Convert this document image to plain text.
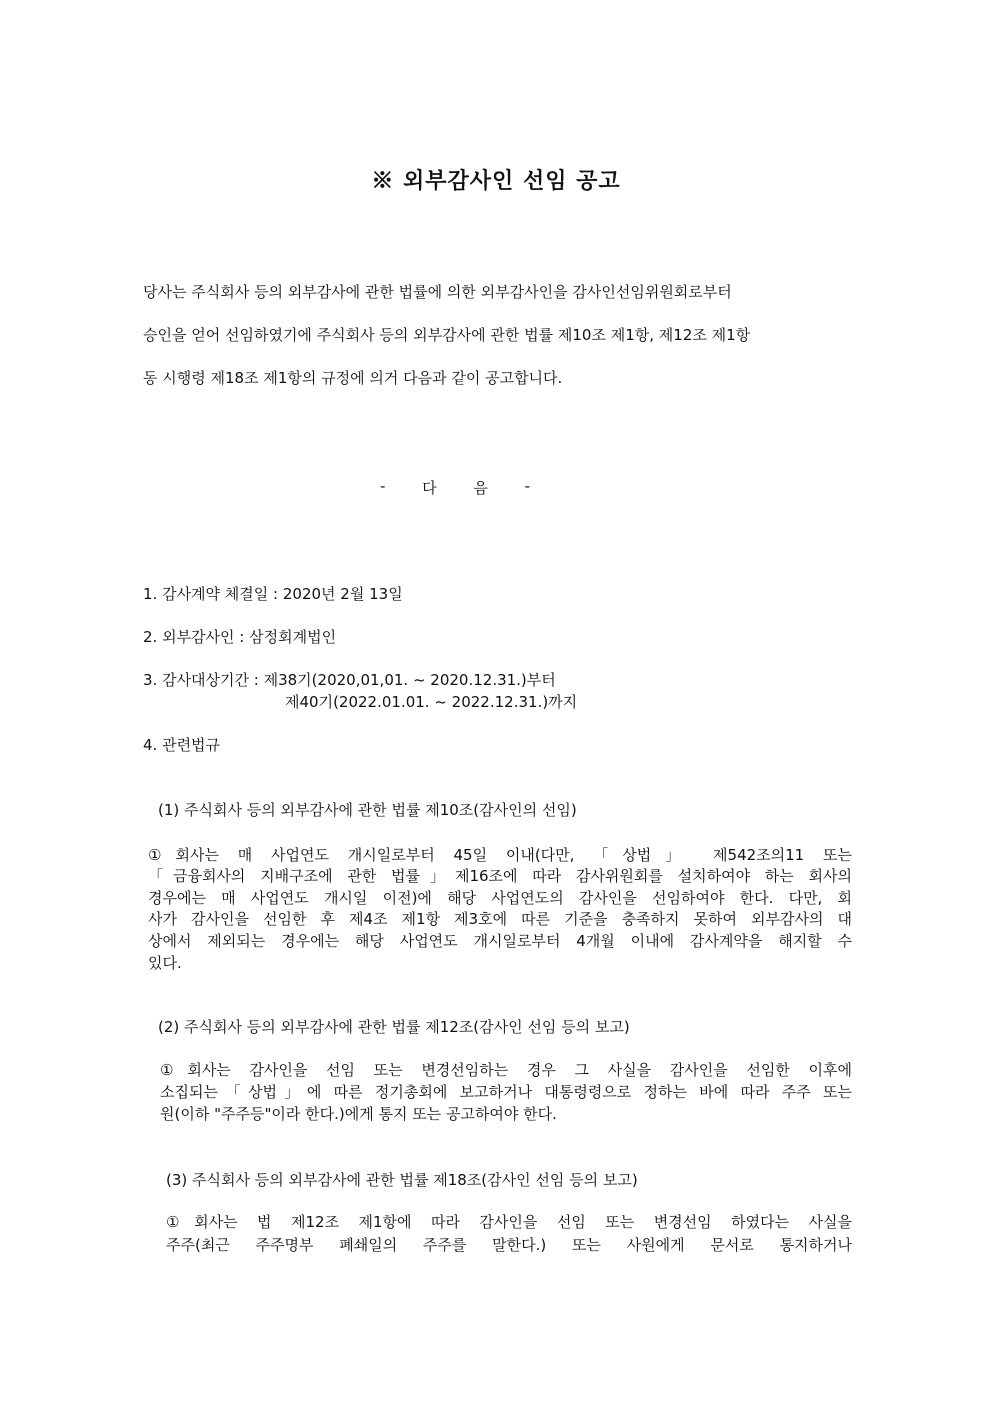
※ 외부감사인 선임 공고
당사는 주식회사 등의 외부감사에 관한 법률에 의한 외부감사인을 감사인선임위원회로부터
승인을 얻어 선임하였기에 주식회사 등의 외부감사에 관한 법률 제10조 제1항, 제12조 제1항
동 시행령 제18조 제1항의 규정에 의거 다음과 같이 공고합니다.
- 다 음 -
1. 감사계약 체결일 : 2020년 2월 13일
2. 외부감사인 : 삼정회계법인
3. 감사대상기간 : 제38기(2020,01,01. ~ 2020.12.31.)부터
제40기(2022.01.01. ~ 2022.12.31.)까지
4. 관련법규
(1) 주식회사 등의 외부감사에 관한 법률 제10조(감사인의 선임)
①회사는 매 사업연도 개시일로부터 45일 이내(다만, 「상법」 제542조의11 또는
「금융회사의 지배구조에 관한 법률」제16조에 따라 감사위원회를 설치하여야 하는 회사의
경우에는 매 사업연도 개시일 이전)에 해당 사업연도의 감사인을 선임하여야 한다. 다만, 회
사가 감사인을 선임한 후 제4조 제1항 제3호에 따른 기준을 충족하지 못하여 외부감사의 대
상에서 제외되는 경우에는 해당 사업연도 개시일로부터 4개월 이내에 감사계약을 해지할 수
있다.
(2) 주식회사 등의 외부감사에 관한 법률 제12조(감사인 선임 등의 보고)
①회사는 감사인을 선임 또는 변경선임하는 경우 그 사실을 감사인을 선임한 이후에
소집되는「상법」에 따른 정기총회에 보고하거나 대통령령으로 정하는 바에 따라 주주 또는
원(이하 "주주등"이라 한다.)에게 통지 또는 공고하여야 한다.
(3) 주식회사 등의 외부감사에 관한 법률 제18조(감사인 선임 등의 보고)
①회사는 법 제12조 제1항에 따라 감사인을 선임 또는 변경선임 하였다는 사실을
주주(최근 주주명부 폐쇄일의 주주를 말한다.) 또는 사원에게 문서로 통지하거나
